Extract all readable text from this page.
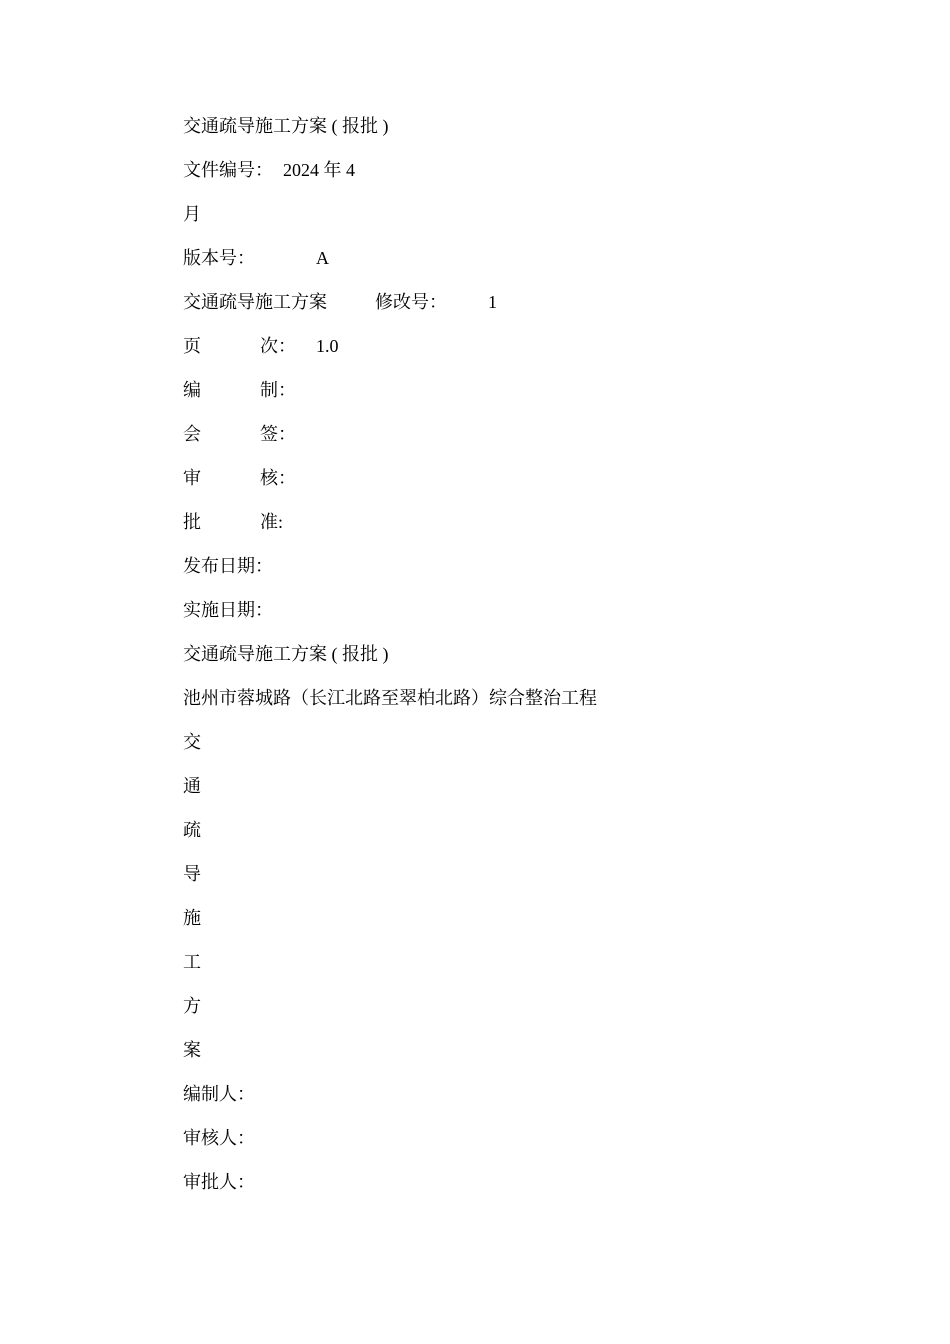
交通疏导施工方案 ( 报批 )
文件编号： 2024 年 4
月
版本号：	A
交通疏导施工方案	修改号： 1
页	次： 1.0
编	制：
会	签：
审	核：
批	准:
发布日期：
实施日期：
交通疏导施工方案 ( 报批 )
池州市蓉城路（长江北路至翠柏北路）综合整治工程
交
通
疏
导
施
工
方
案
编制人：
审核人：
审批人：
